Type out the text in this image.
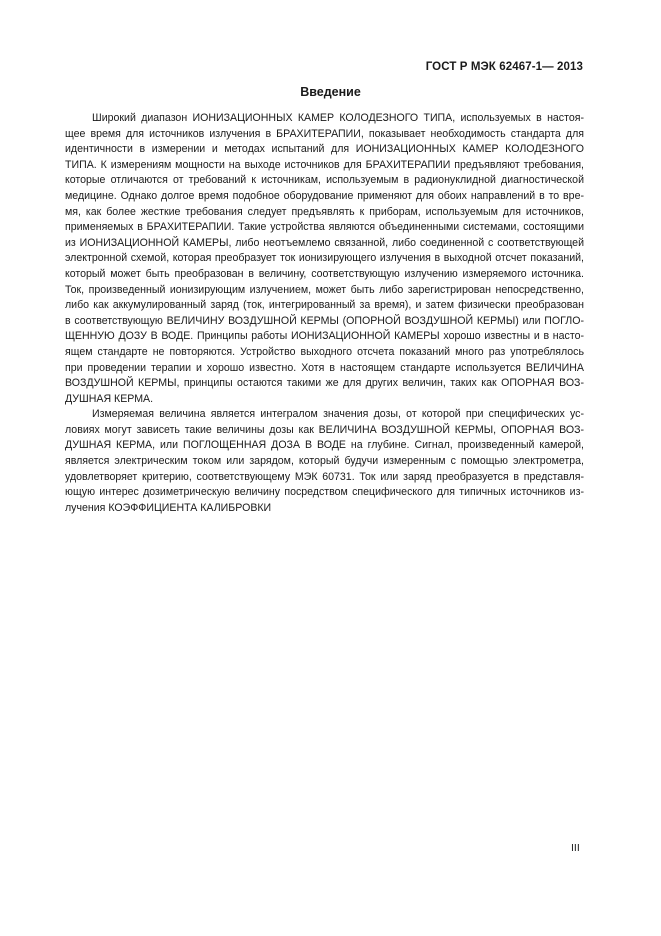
ГОСТ Р МЭК 62467-1— 2013
Введение
Широкий диапазон ИОНИЗАЦИОННЫХ КАМЕР КОЛОДЕЗНОГО ТИПА, используемых в настоя-
щее время для источников излучения в БРАХИТЕРАПИИ, показывает необходимость стандарта для
идентичности в измерении и методах испытаний для ИОНИЗАЦИОННЫХ КАМЕР КОЛОДЕЗНОГО
ТИПА. К измерениям мощности на выходе источников для БРАХИТЕРАПИИ предъявляют требования,
которые отличаются от требований к источникам, используемым в радионуклидной диагностической
медицине. Однако долгое время подобное оборудование применяют для обоих направлений в то вре-
мя, как более жесткие требования следует предъявлять к приборам, используемым для источников,
применяемых в БРАХИТЕРАПИИ. Такие устройства являются объединенными системами, состоящими
из ИОНИЗАЦИОННОЙ КАМЕРЫ, либо неотъемлемо связанной, либо соединенной с соответствующей
электронной схемой, которая преобразует ток ионизирующего излучения в выходной отсчет показаний,
который может быть преобразован в величину, соответствующую излучению измеряемого источника.
Ток, произведенный ионизирующим излучением, может быть либо зарегистрирован непосредственно,
либо как аккумулированный заряд (ток, интегрированный за время), и затем физически преобразован
в соответствующую ВЕЛИЧИНУ ВОЗДУШНОЙ КЕРМЫ (ОПОРНОЙ ВОЗДУШНОЙ КЕРМЫ) или ПОГЛО-
ЩЕННУЮ ДОЗУ В ВОДЕ. Принципы работы ИОНИЗАЦИОННОЙ КАМЕРЫ хорошо известны и в насто-
ящем стандарте не повторяются. Устройство выходного отсчета показаний много раз употреблялось
при проведении терапии и хорошо известно. Хотя в настоящем стандарте используется ВЕЛИЧИНА
ВОЗДУШНОЙ КЕРМЫ, принципы остаются такими же для других величин, таких как ОПОРНАЯ ВОЗ-
ДУШНАЯ КЕРМА.
Измеряемая величина является интегралом значения дозы, от которой при специфических ус-
ловиях могут зависеть такие величины дозы как ВЕЛИЧИНА ВОЗДУШНОЙ КЕРМЫ, ОПОРНАЯ ВОЗ-
ДУШНАЯ КЕРМА, или ПОГЛОЩЕННАЯ ДОЗА В ВОДЕ на глубине. Сигнал, произведенный камерой,
является электрическим током или зарядом, который будучи измеренным с помощью электрометра,
удовлетворяет критерию, соответствующему МЭК 60731. Ток или заряд преобразуется в представля-
ющую интерес дозиметрическую величину посредством специфического для типичных источников из-
лучения КОЭФФИЦИЕНТА КАЛИБРОВКИ
III
